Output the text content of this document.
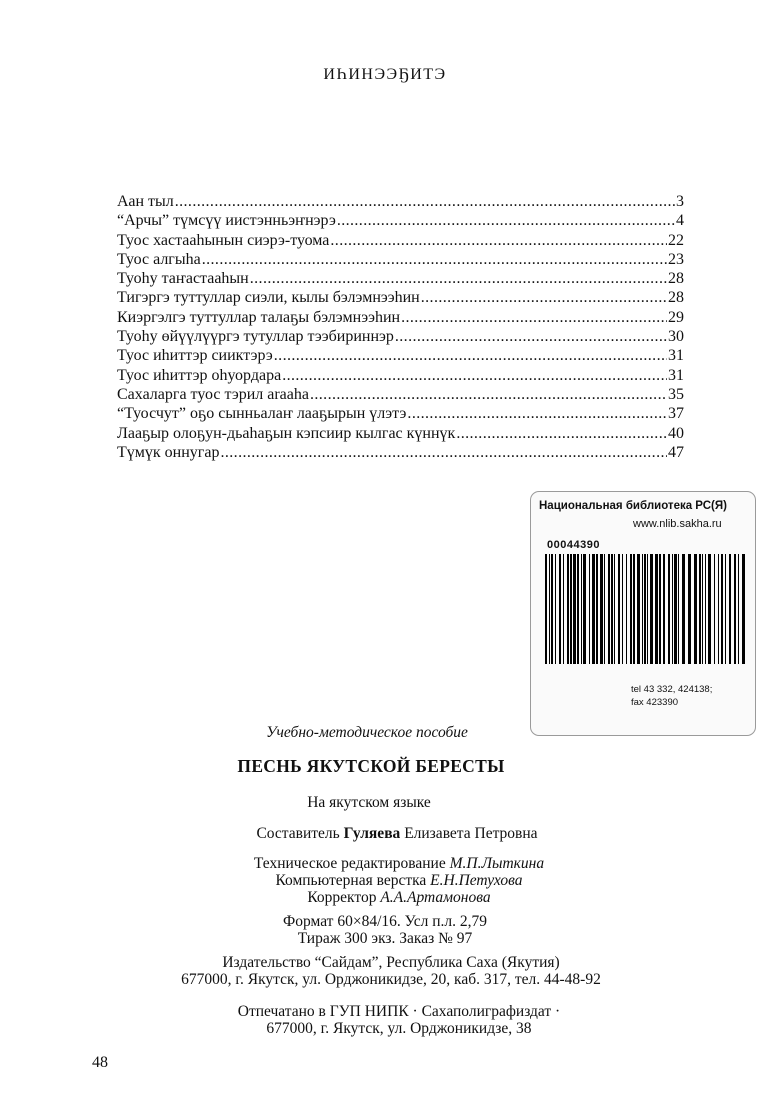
ИҺИНЭЭҔИТЭ
Аан тыл .....	3
“Арчы” түмсүү иистэнньэҥнэрэ .....	4
Туос хастааһынын сиэрэ-туома .....	22
Туос алгыһа .....	23
Туоһу таҥастааһын .....	28
Тигэргэ туттуллар сиэли, кылы бэлэмнээһин .....	28
Киэргэлгэ туттуллар талаҕы бэлэмнээһин .....	29
Туоһу өйүүлүүргэ тутуллар тээбириннэр .....	30
Туос иһиттэр сииктэрэ .....	31
Туос иһиттэр оһуордара .....	31
Сахаларга туос тэрил araaһа .....	35
“Туосчут” оҕо сынньалаҥ лааҕырын үлэтэ .....	37
Лааҕыр олоҕун-дьаһаҕын кэпсиир кылгас күннүк .....	40
Түмүк оннугар .....	47
Национальная библиотека РС(Я)
www.nlib.sakha.ru
00044390
tel 43 332, 424138;
fax 423390
Учебно-методическое пособие
ПЕСНЬ ЯКУТСКОЙ БЕРЕСТЫ
На якутском языке
Составитель Гуляева Елизавета Петровна
Техническое редактирование М.П.Лыткина
Компьютерная верстка Е.Н.Петухова
Корректор А.А.Артамонова
Формат 60×84/16. Усл п.л. 2,79
Тираж 300 экз. Заказ № 97
Издательство “Сайдам”, Республика Саха (Якутия)
677000, г. Якутск, ул. Орджоникидзе, 20, каб. 317, тел. 44-48-92
Отпечатано в ГУП НИПК · Сахаполиграфиздат ·
677000, г. Якутск, ул. Орджоникидзе, 38
48
